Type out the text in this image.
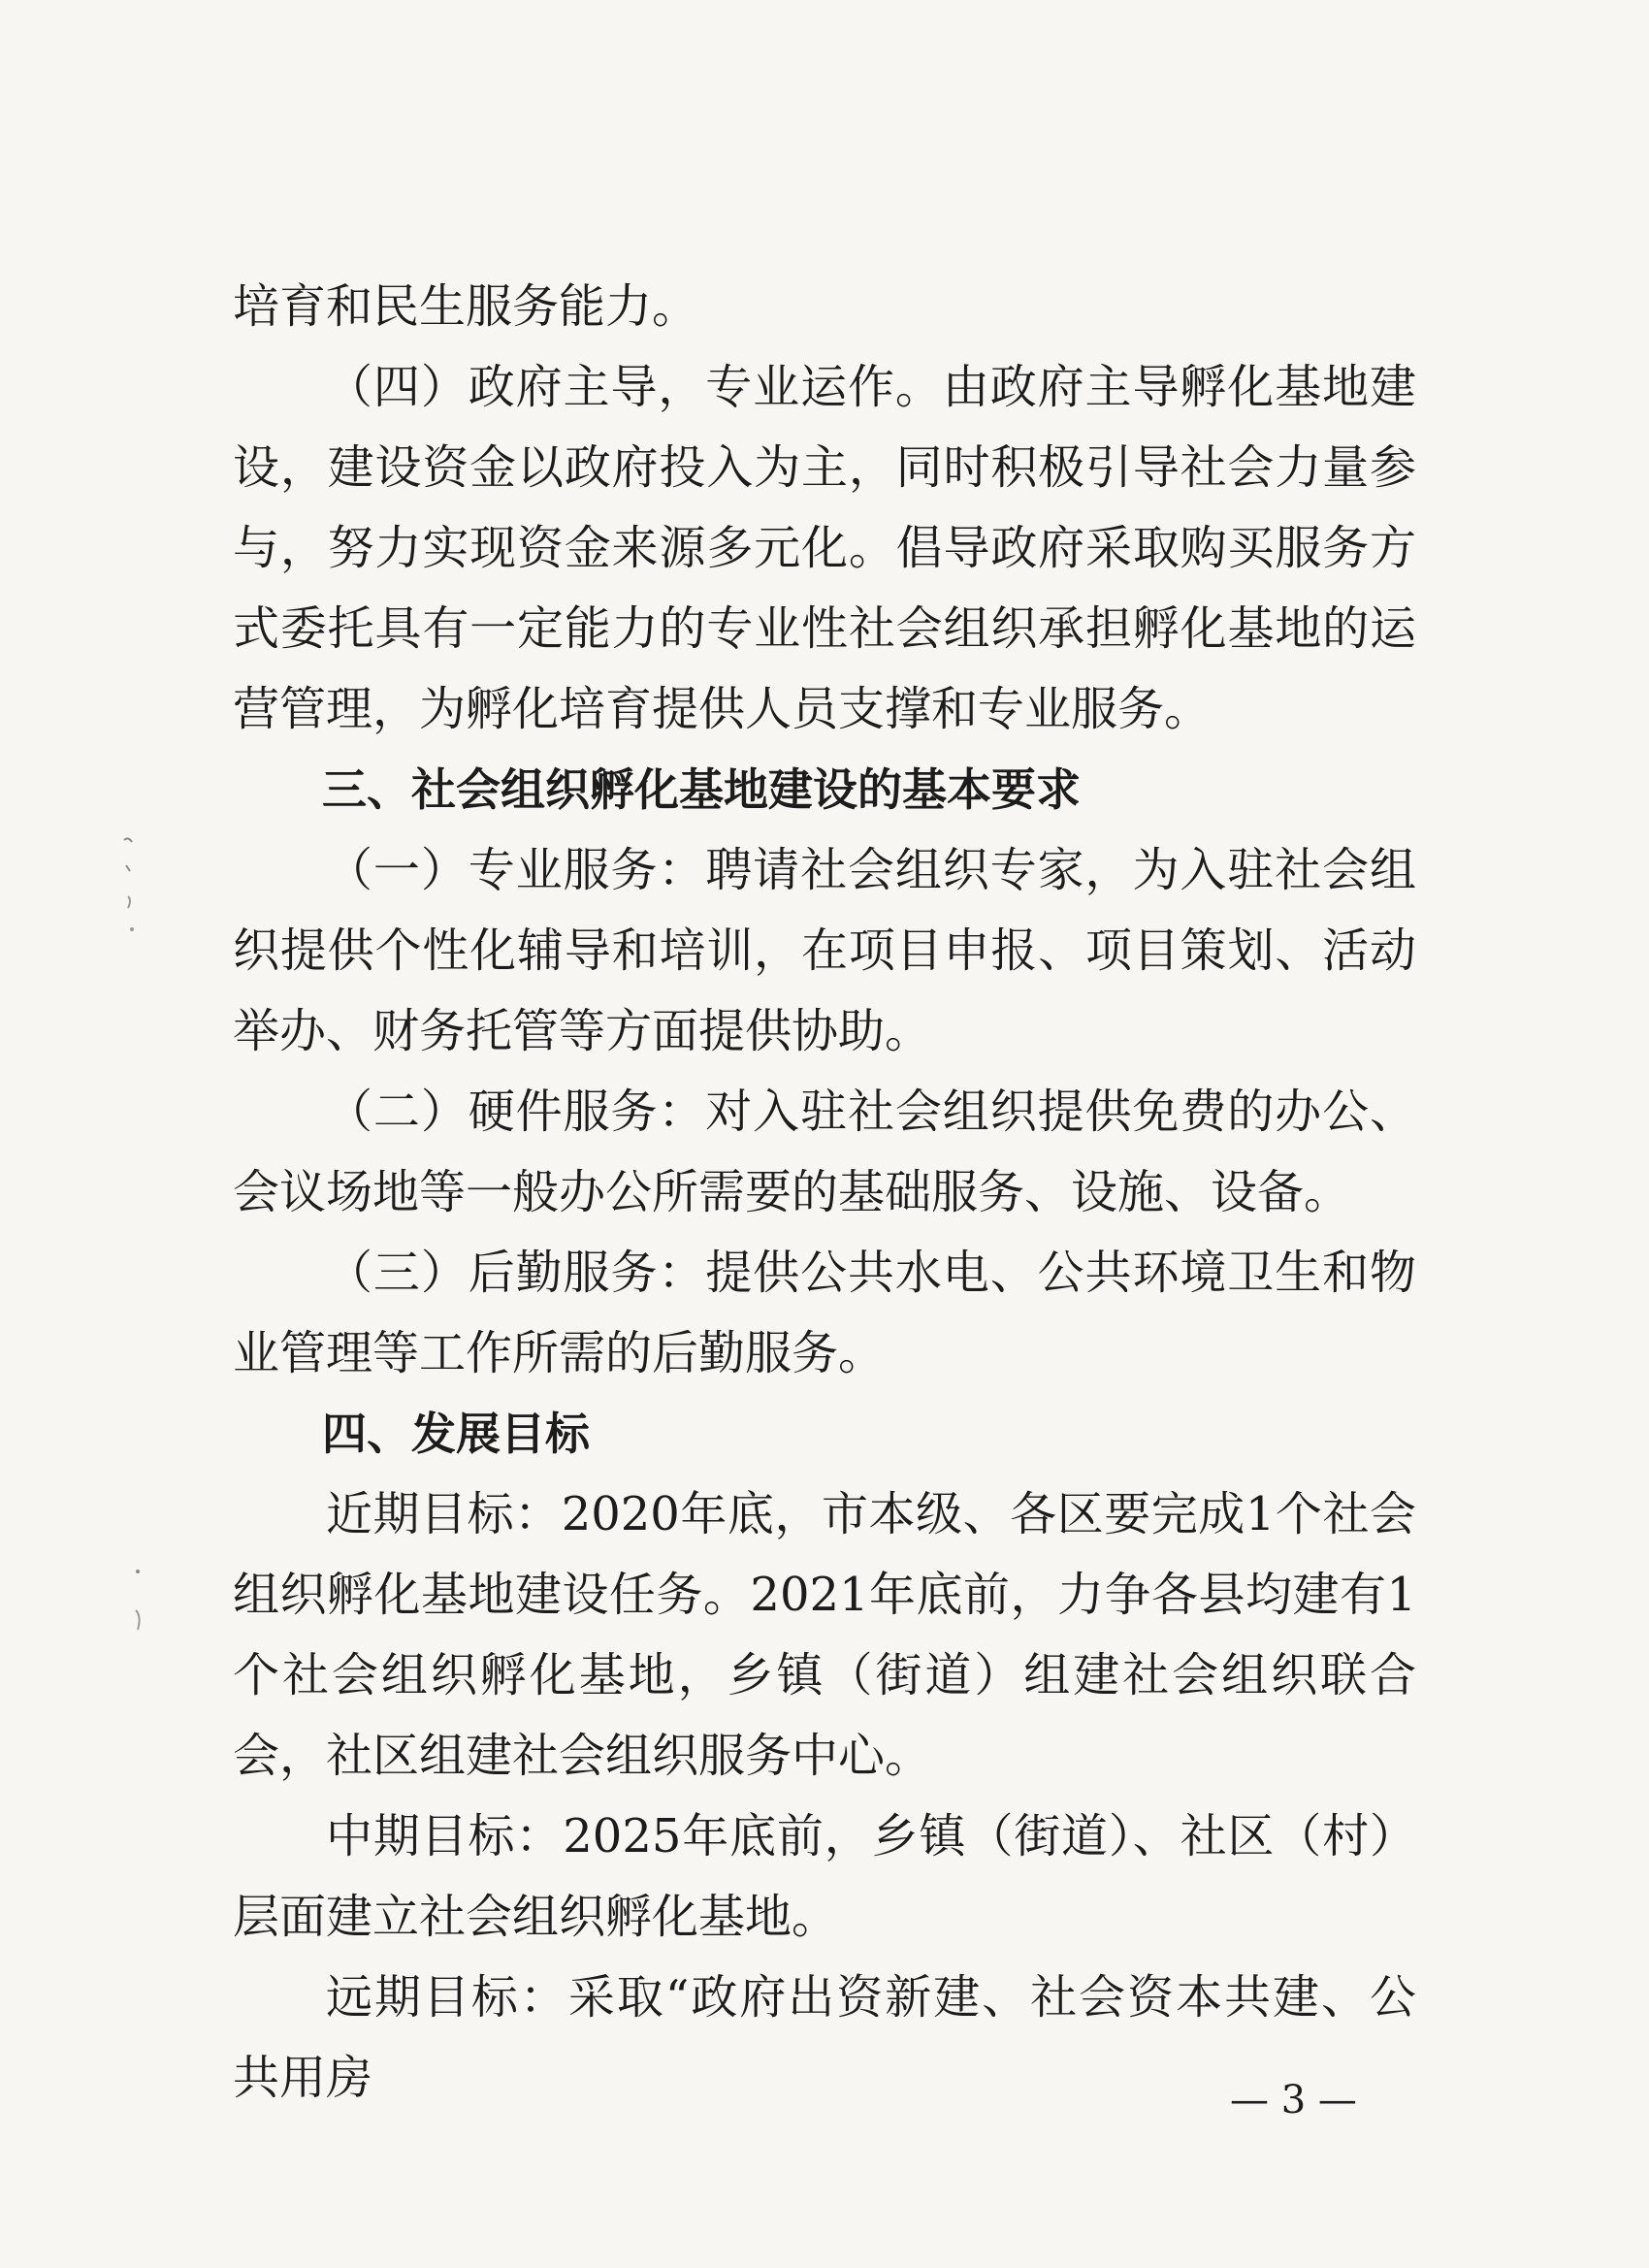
培育和民生服务能力。

（四）政府主导，专业运作。由政府主导孵化基地建设，建设资金以政府投入为主，同时积极引导社会力量参与，努力实现资金来源多元化。倡导政府采取购买服务方式委托具有一定能力的专业性社会组织承担孵化基地的运营管理，为孵化培育提供人员支撑和专业服务。

三、社会组织孵化基地建设的基本要求

（一）专业服务：聘请社会组织专家，为入驻社会组织提供个性化辅导和培训，在项目申报、项目策划、活动举办、财务托管等方面提供协助。

（二）硬件服务：对入驻社会组织提供免费的办公、会议场地等一般办公所需要的基础服务、设施、设备。

（三）后勤服务：提供公共水电、公共环境卫生和物业管理等工作所需的后勤服务。

四、发展目标

近期目标：2020年底，市本级、各区要完成1个社会组织孵化基地建设任务。2021年底前，力争各县均建有1个社会组织孵化基地，乡镇（街道）组建社会组织联合会，社区组建社会组织服务中心。

中期目标：2025年底前，乡镇（街道）、社区（村）层面建立社会组织孵化基地。

远期目标：采取“政府出资新建、社会资本共建、公共用房	— 3 —
